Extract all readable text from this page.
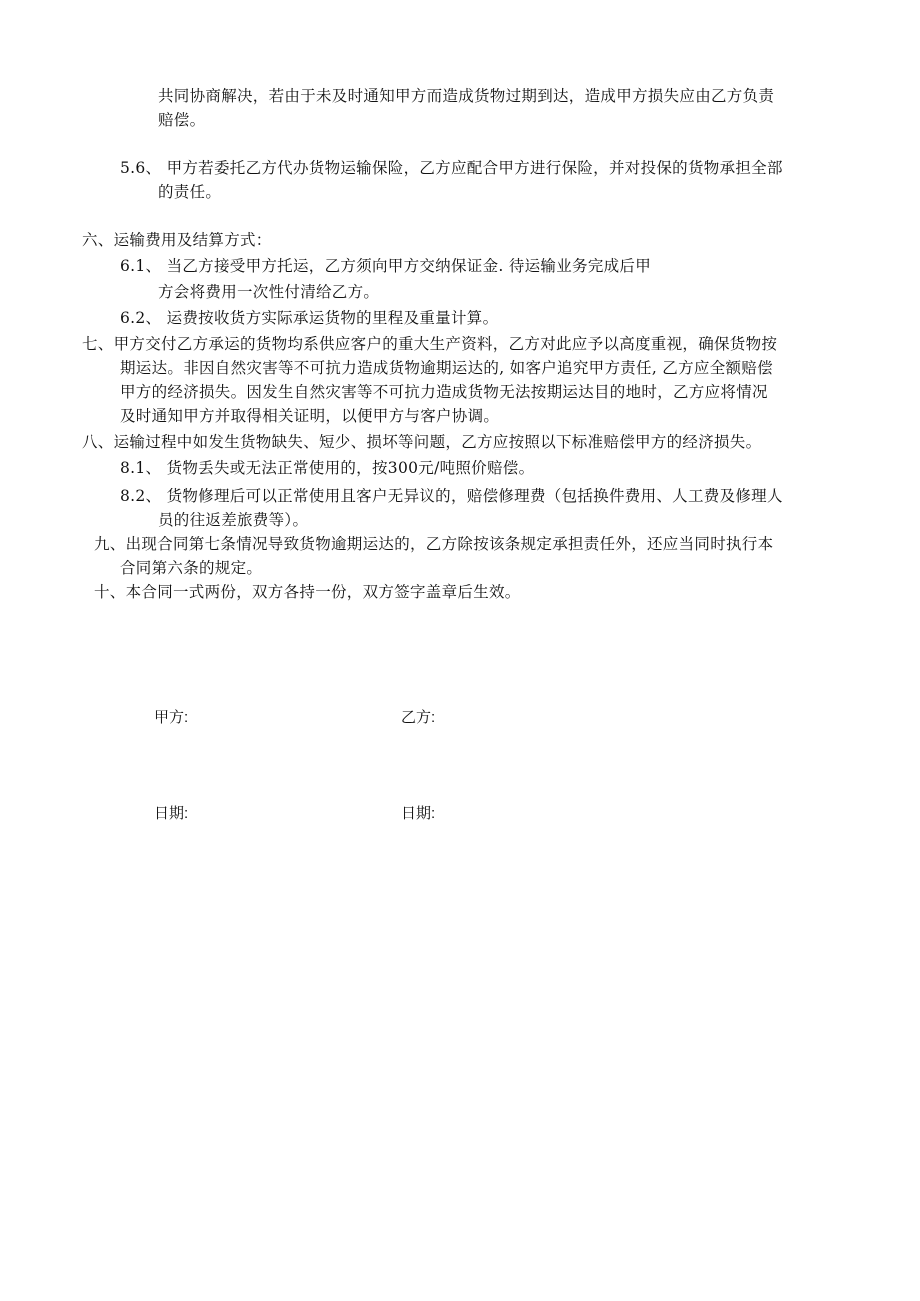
共同协商解决，若由于未及时通知甲方而造成货物过期到达，造成甲方损失应由乙方负责
赔偿。
5.6、 甲方若委托乙方代办货物运输保险，乙方应配合甲方进行保险，并对投保的货物承担全部
的责任。
六、运输费用及结算方式：
6.1、 当乙方接受甲方托运，乙方须向甲方交纳保证金. 待运输业务完成后甲
方会将费用一次性付清给乙方。
6.2、 运费按收货方实际承运货物的里程及重量计算。
七、甲方交付乙方承运的货物均系供应客户的重大生产资料，乙方对此应予以高度重视，确保货物按
期运达。非因自然灾害等不可抗力造成货物逾期运达的, 如客户追究甲方责任, 乙方应全额赔偿
甲方的经济损失。因发生自然灾害等不可抗力造成货物无法按期运达目的地时，乙方应将情况
及时通知甲方并取得相关证明，以便甲方与客户协调。
八、运输过程中如发生货物缺失、短少、损坏等问题，乙方应按照以下标准赔偿甲方的经济损失。
8.1、 货物丢失或无法正常使用的，按300元/吨照价赔偿。
8.2、 货物修理后可以正常使用且客户无异议的，赔偿修理费（包括换件费用、人工费及修理人
员的往返差旅费等）。
九、出现合同第七条情况导致货物逾期运达的，乙方除按该条规定承担责任外，还应当同时执行本
合同第六条的规定。
十、本合同一式两份，双方各持一份，双方签字盖章后生效。
甲方:	乙方:
日期:	日期:
